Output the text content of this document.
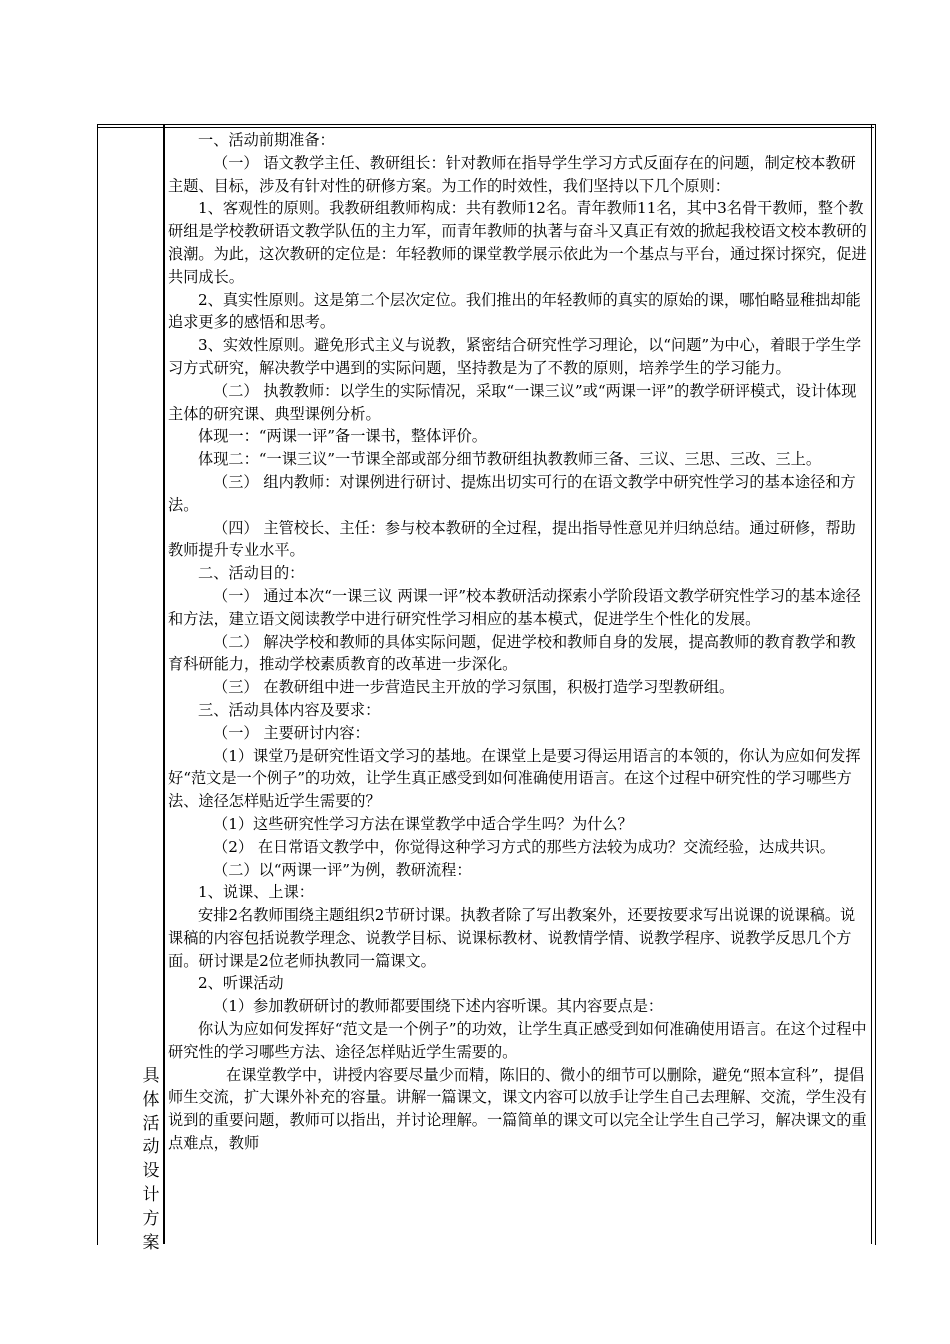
具
体
活
动
设
计
方
案

一、活动前期准备：

（一） 语文教学主任、教研组长：针对教师在指导学生学习方式反面存在的问题，制定校本教研主题、目标，涉及有针对性的研修方案。为工作的时效性，我们坚持以下几个原则：

1、客观性的原则。我教研组教师构成：共有教师12名。青年教师11名，其中3名骨干教师，整个教研组是学校教研语文教学队伍的主力军，而青年教师的执著与奋斗又真正有效的掀起我校语文校本教研的浪潮。为此，这次教研的定位是：年轻教师的课堂教学展示依此为一个基点与平台，通过探讨探究，促进共同成长。

2、真实性原则。这是第二个层次定位。我们推出的年轻教师的真实的原始的课，哪怕略显稚拙却能追求更多的感悟和思考。

3、实效性原则。避免形式主义与说教，紧密结合研究性学习理论，以“问题”为中心，着眼于学生学习方式研究，解决教学中遇到的实际问题，坚持教是为了不教的原则，培养学生的学习能力。

（二） 执教教师：以学生的实际情况，采取“一课三议”或“两课一评”的教学研评模式，设计体现主体的研究课、典型课例分析。

体现一：“两课一评”备一课书，整体评价。

体现二：“一课三议”一节课全部或部分细节教研组执教教师三备、三议、三思、三改、三上。

（三） 组内教师：对课例进行研讨、提炼出切实可行的在语文教学中研究性学习的基本途径和方法。

（四） 主管校长、主任：参与校本教研的全过程，提出指导性意见并归纳总结。通过研修，帮助教师提升专业水平。

二、活动目的：

（一） 通过本次“一课三议 两课一评”校本教研活动探索小学阶段语文教学研究性学习的基本途径和方法，建立语文阅读教学中进行研究性学习相应的基本模式，促进学生个性化的发展。

（二） 解决学校和教师的具体实际问题，促进学校和教师自身的发展，提高教师的教育教学和教育科研能力，推动学校素质教育的改革进一步深化。

（三） 在教研组中进一步营造民主开放的学习氛围，积极打造学习型教研组。

三、活动具体内容及要求：

（一） 主要研讨内容：

（1）课堂乃是研究性语文学习的基地。在课堂上是要习得运用语言的本领的，你认为应如何发挥好“范文是一个例子”的功效，让学生真正感受到如何准确使用语言。在这个过程中研究性的学习哪些方法、途径怎样贴近学生需要的？

（1）这些研究性学习方法在课堂教学中适合学生吗？为什么？

（2） 在日常语文教学中，你觉得这种学习方式的那些方法较为成功？交流经验，达成共识。

（二）以“两课一评”为例，教研流程：

1、说课、上课：

安排2名教师围绕主题组织2节研讨课。执教者除了写出教案外，还要按要求写出说课的说课稿。说课稿的内容包括说教学理念、说教学目标、说课标教材、说教情学情、说教学程序、说教学反思几个方面。研讨课是2位老师执教同一篇课文。

2、听课活动

（1）参加教研研讨的教师都要围绕下述内容听课。其内容要点是：

你认为应如何发挥好“范文是一个例子”的功效，让学生真正感受到如何准确使用语言。在这个过程中研究性的学习哪些方法、途径怎样贴近学生需要的。

在课堂教学中，讲授内容要尽量少而精，陈旧的、微小的细节可以删除，避免“照本宣科”，提倡师生交流，扩大课外补充的容量。讲解一篇课文，课文内容可以放手让学生自己去理解、交流，学生没有说到的重要问题，教师可以指出，并讨论理解。一篇简单的课文可以完全让学生自己学习，解决课文的重点难点，教师
